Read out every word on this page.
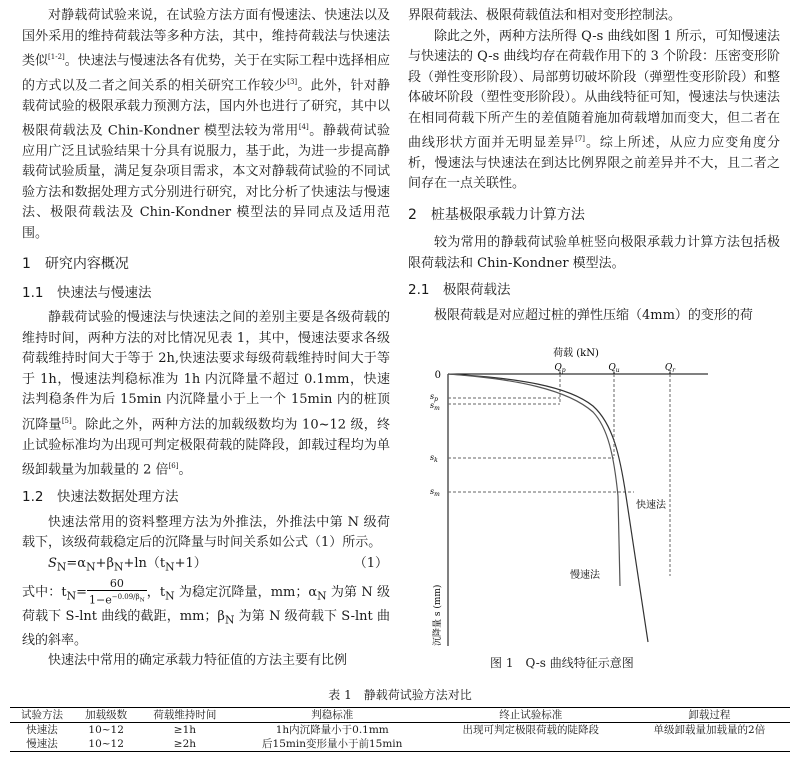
对静载荷试验来说，在试验方法方面有慢速法、快速法以及国外采用的维持荷载法等多种方法，其中，维持荷载法与快速法类似[1-2]。快速法与慢速法各有优势，关于在实际工程中选择相应的方式以及二者之间关系的相关研究工作较少[3]。此外，针对静载荷试验的极限承载力预测方法，国内外也进行了研究，其中以极限荷载法及 Chin-Kondner 模型法较为常用[4]。静载荷试验应用广泛且试验结果十分具有说服力，基于此，为进一步提高静载荷试验质量，满足复杂项目需求，本文对静载荷试验的不同试验方法和数据处理方式分别进行研究，对比分析了快速法与慢速法、极限荷载法及 Chin-Kondner 模型法的异同点及适用范围。

1　研究内容概况
1.1　快速法与慢速法

静载荷试验的慢速法与快速法之间的差别主要是各级荷载的维持时间，两种方法的对比情况见表 1，其中，慢速法要求各级荷载维持时间大于等于 2h,快速法要求每级荷载维持时间大于等于 1h，慢速法判稳标准为 1h 内沉降量不超过 0.1mm，快速法判稳条件为后 15min 内沉降量小于上一个 15min 内的桩顶沉降量[5]。除此之外，两种方法的加载级数均为 10~12 级，终止试验标准均为出现可判定极限荷载的陡降段，卸载过程均为单级卸载量为加载量的 2 倍[6]。

1.2　快速法数据处理方法

快速法常用的资料整理方法为外推法，外推法中第 N 级荷载下，该级荷载稳定后的沉降量与时间关系如公式（1）所示。

$S_N=\alpha_N+\beta_N+\ln(t_N+1)$	（1）

式中：$t_N= \frac{60}{1-e^{-0.09/\beta_N}}$ ，$t_N$ 为稳定沉降量，mm；$\alpha_N$ 为第 N 级荷载下 S-lnt 曲线的截距，mm；$\beta_N$ 为第 N 级荷载下 S-lnt 曲线的斜率。

快速法中常用的确定承载力特征值的方法主要有比例

界限荷载法、极限荷载值法和相对变形控制法。

除此之外，两种方法所得 Q-s 曲线如图 1 所示，可知慢速法与快速法的 Q-s 曲线均存在荷载作用下的 3 个阶段：压密变形阶段（弹性变形阶段）、局部剪切破坏阶段（弹塑性变形阶段）和整体破坏阶段（塑性变形阶段）。从曲线特征可知，慢速法与快速法在相同荷载下所产生的差值随着施加荷载增加而变大，但二者在曲线形状方面并无明显差异[7]。综上所述，从应力应变角度分析，慢速法与快速法在到达比例界限之前差异并不大，且二者之间存在一点关联性。

2　桩基极限承载力计算方法

较为常用的静载荷试验单桩竖向极限承载力计算方法包括极限荷载法和 Chin-Kondner 模型法。

2.1　极限荷载法

极限荷载是对应超过桩的弹性压缩（4mm）的变形的荷

荷载 (kN)
0
$Q_p$	$Q_u$	$Q_r$
$s_p$
$s_m$
$s_k$
$s_m$
快速法
慢速法
沉降量 s (mm)
图 1　Q-s 曲线特征示意图
表 1　静载荷试验方法对比
试验方法	加载级数	荷载维持时间	判稳标准	终止试验标准	卸载过程
快速法	10~12	≥1h	1h内沉降量小于0.1mm	出现可判定极限荷载的陡降段	单级卸载量加载量的2倍
慢速法	10~12	≥2h	后15min变形量小于前15min		
